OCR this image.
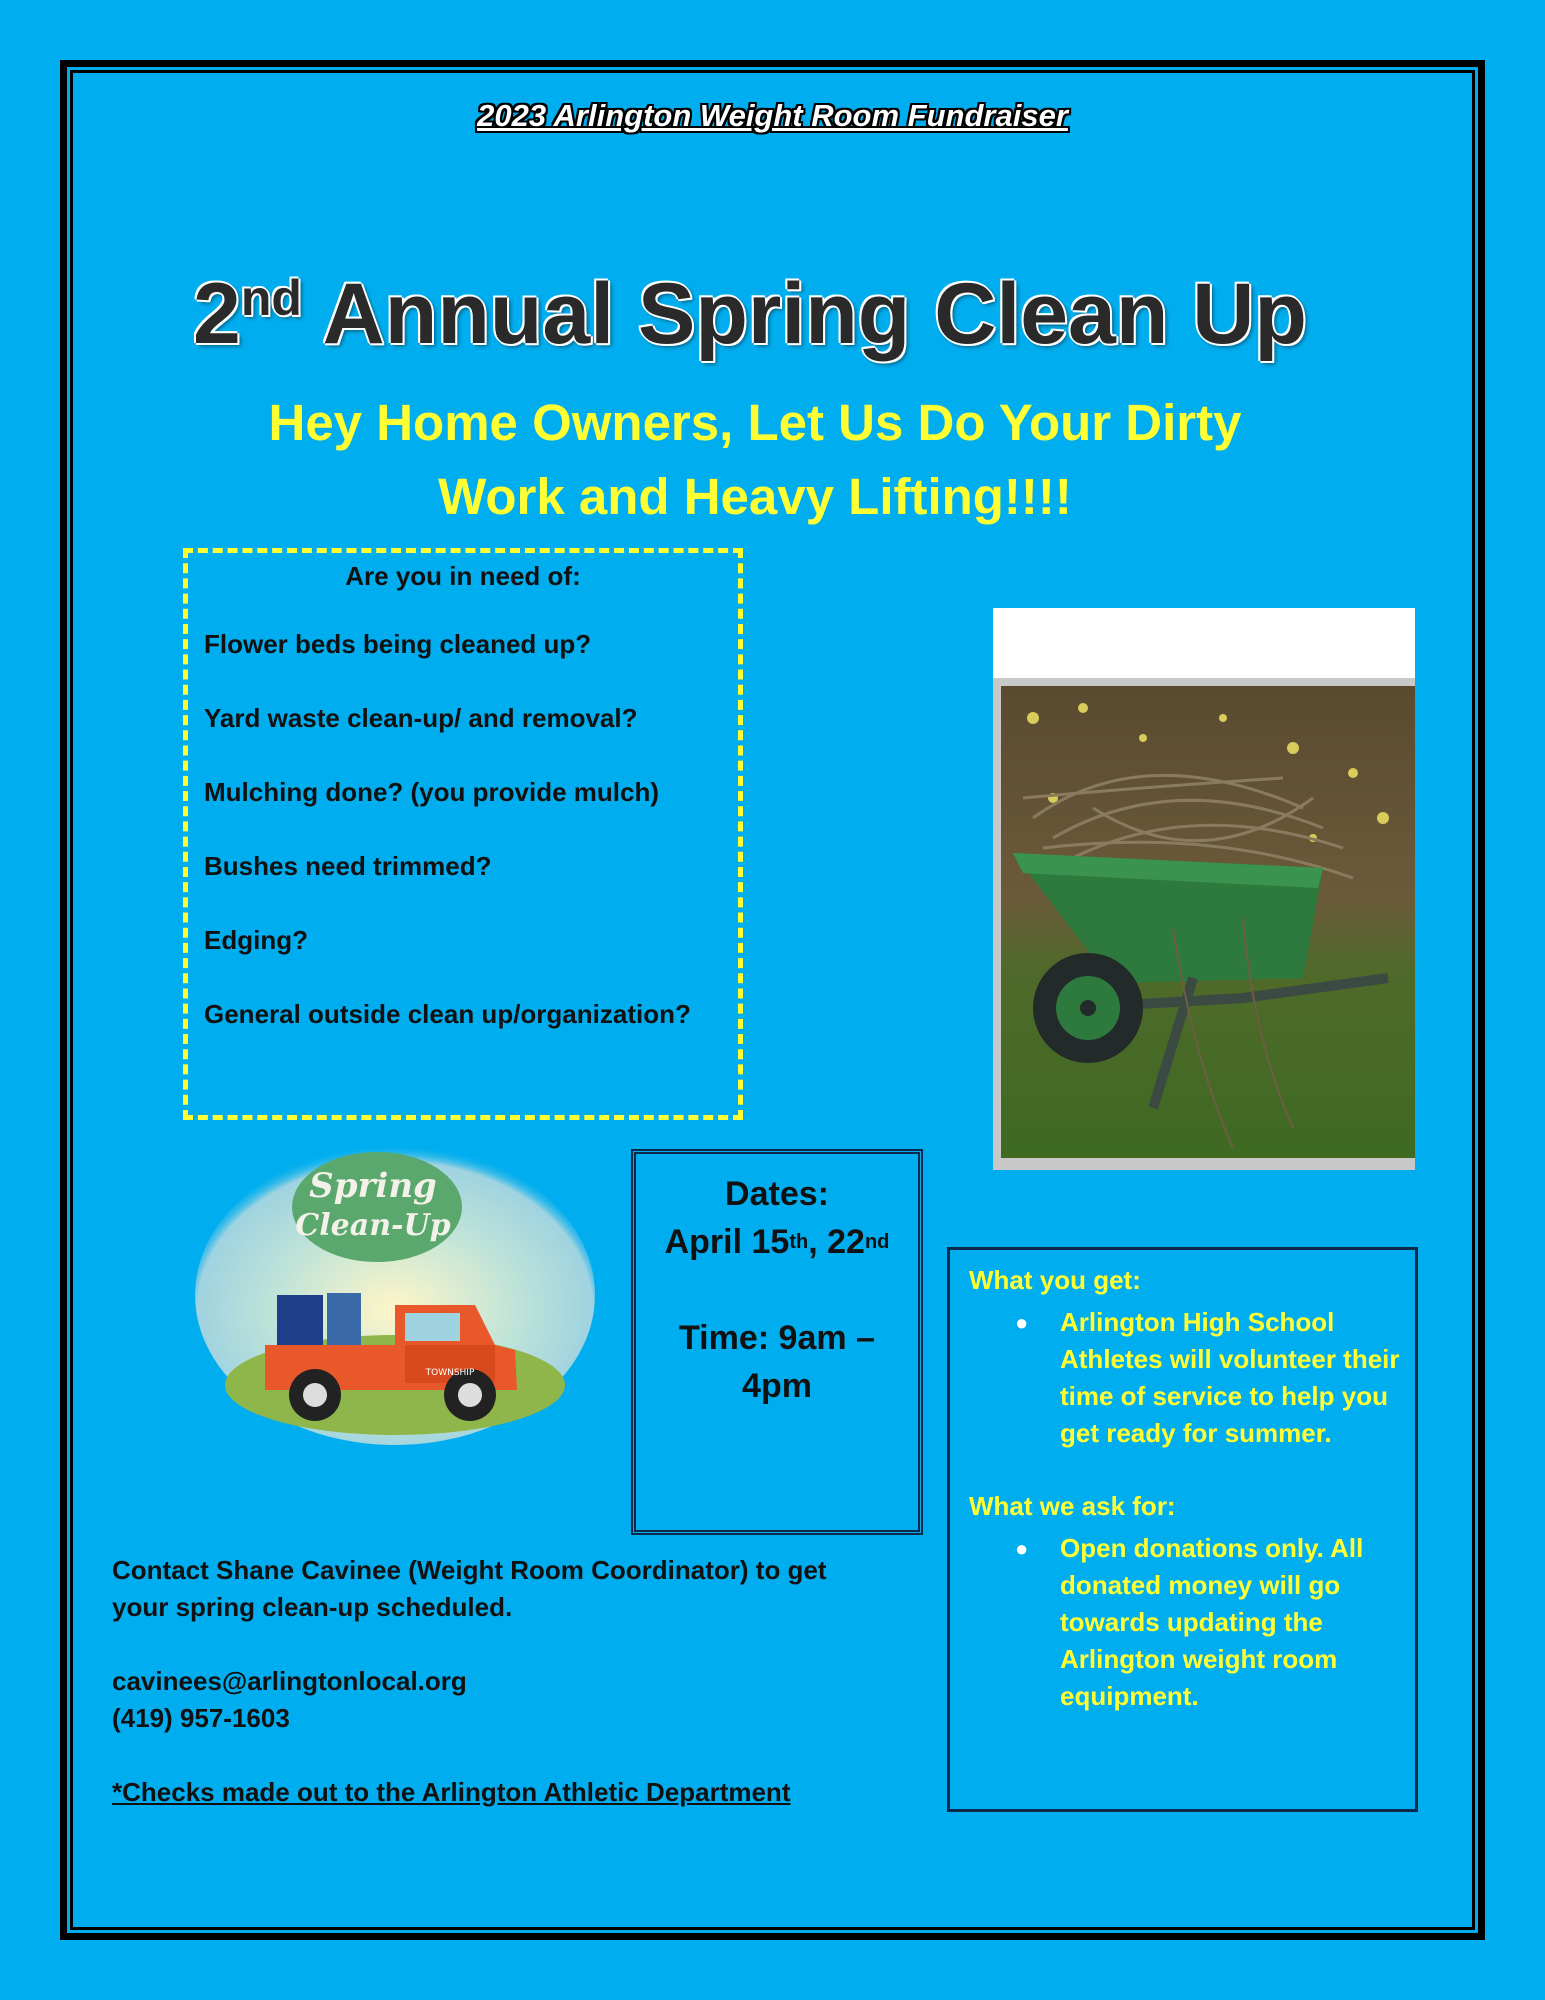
2023 Arlington Weight Room Fundraiser
2nd Annual Spring Clean Up
Hey Home Owners, Let Us Do Your Dirty
Work and Heavy Lifting!!!!
Are you in need of:
Flower beds being cleaned up?
Yard waste clean-up/ and removal?
Mulching done? (you provide mulch)
Bushes need trimmed?
Edging?
General outside clean up/organization?
Spring
Clean-Up
TOWNSHIP
Dates:
April 15th, 22nd

Time: 9am –
4pm
What you get:
● Arlington High School Athletes will volunteer their time of service to help you get ready for summer.
What we ask for:
● Open donations only. All donated money will go towards updating the Arlington weight room equipment.
Contact Shane Cavinee (Weight Room Coordinator) to get your spring clean-up scheduled.
cavinees@arlingtonlocal.org
(419) 957-1603
*Checks made out to the Arlington Athletic Department
